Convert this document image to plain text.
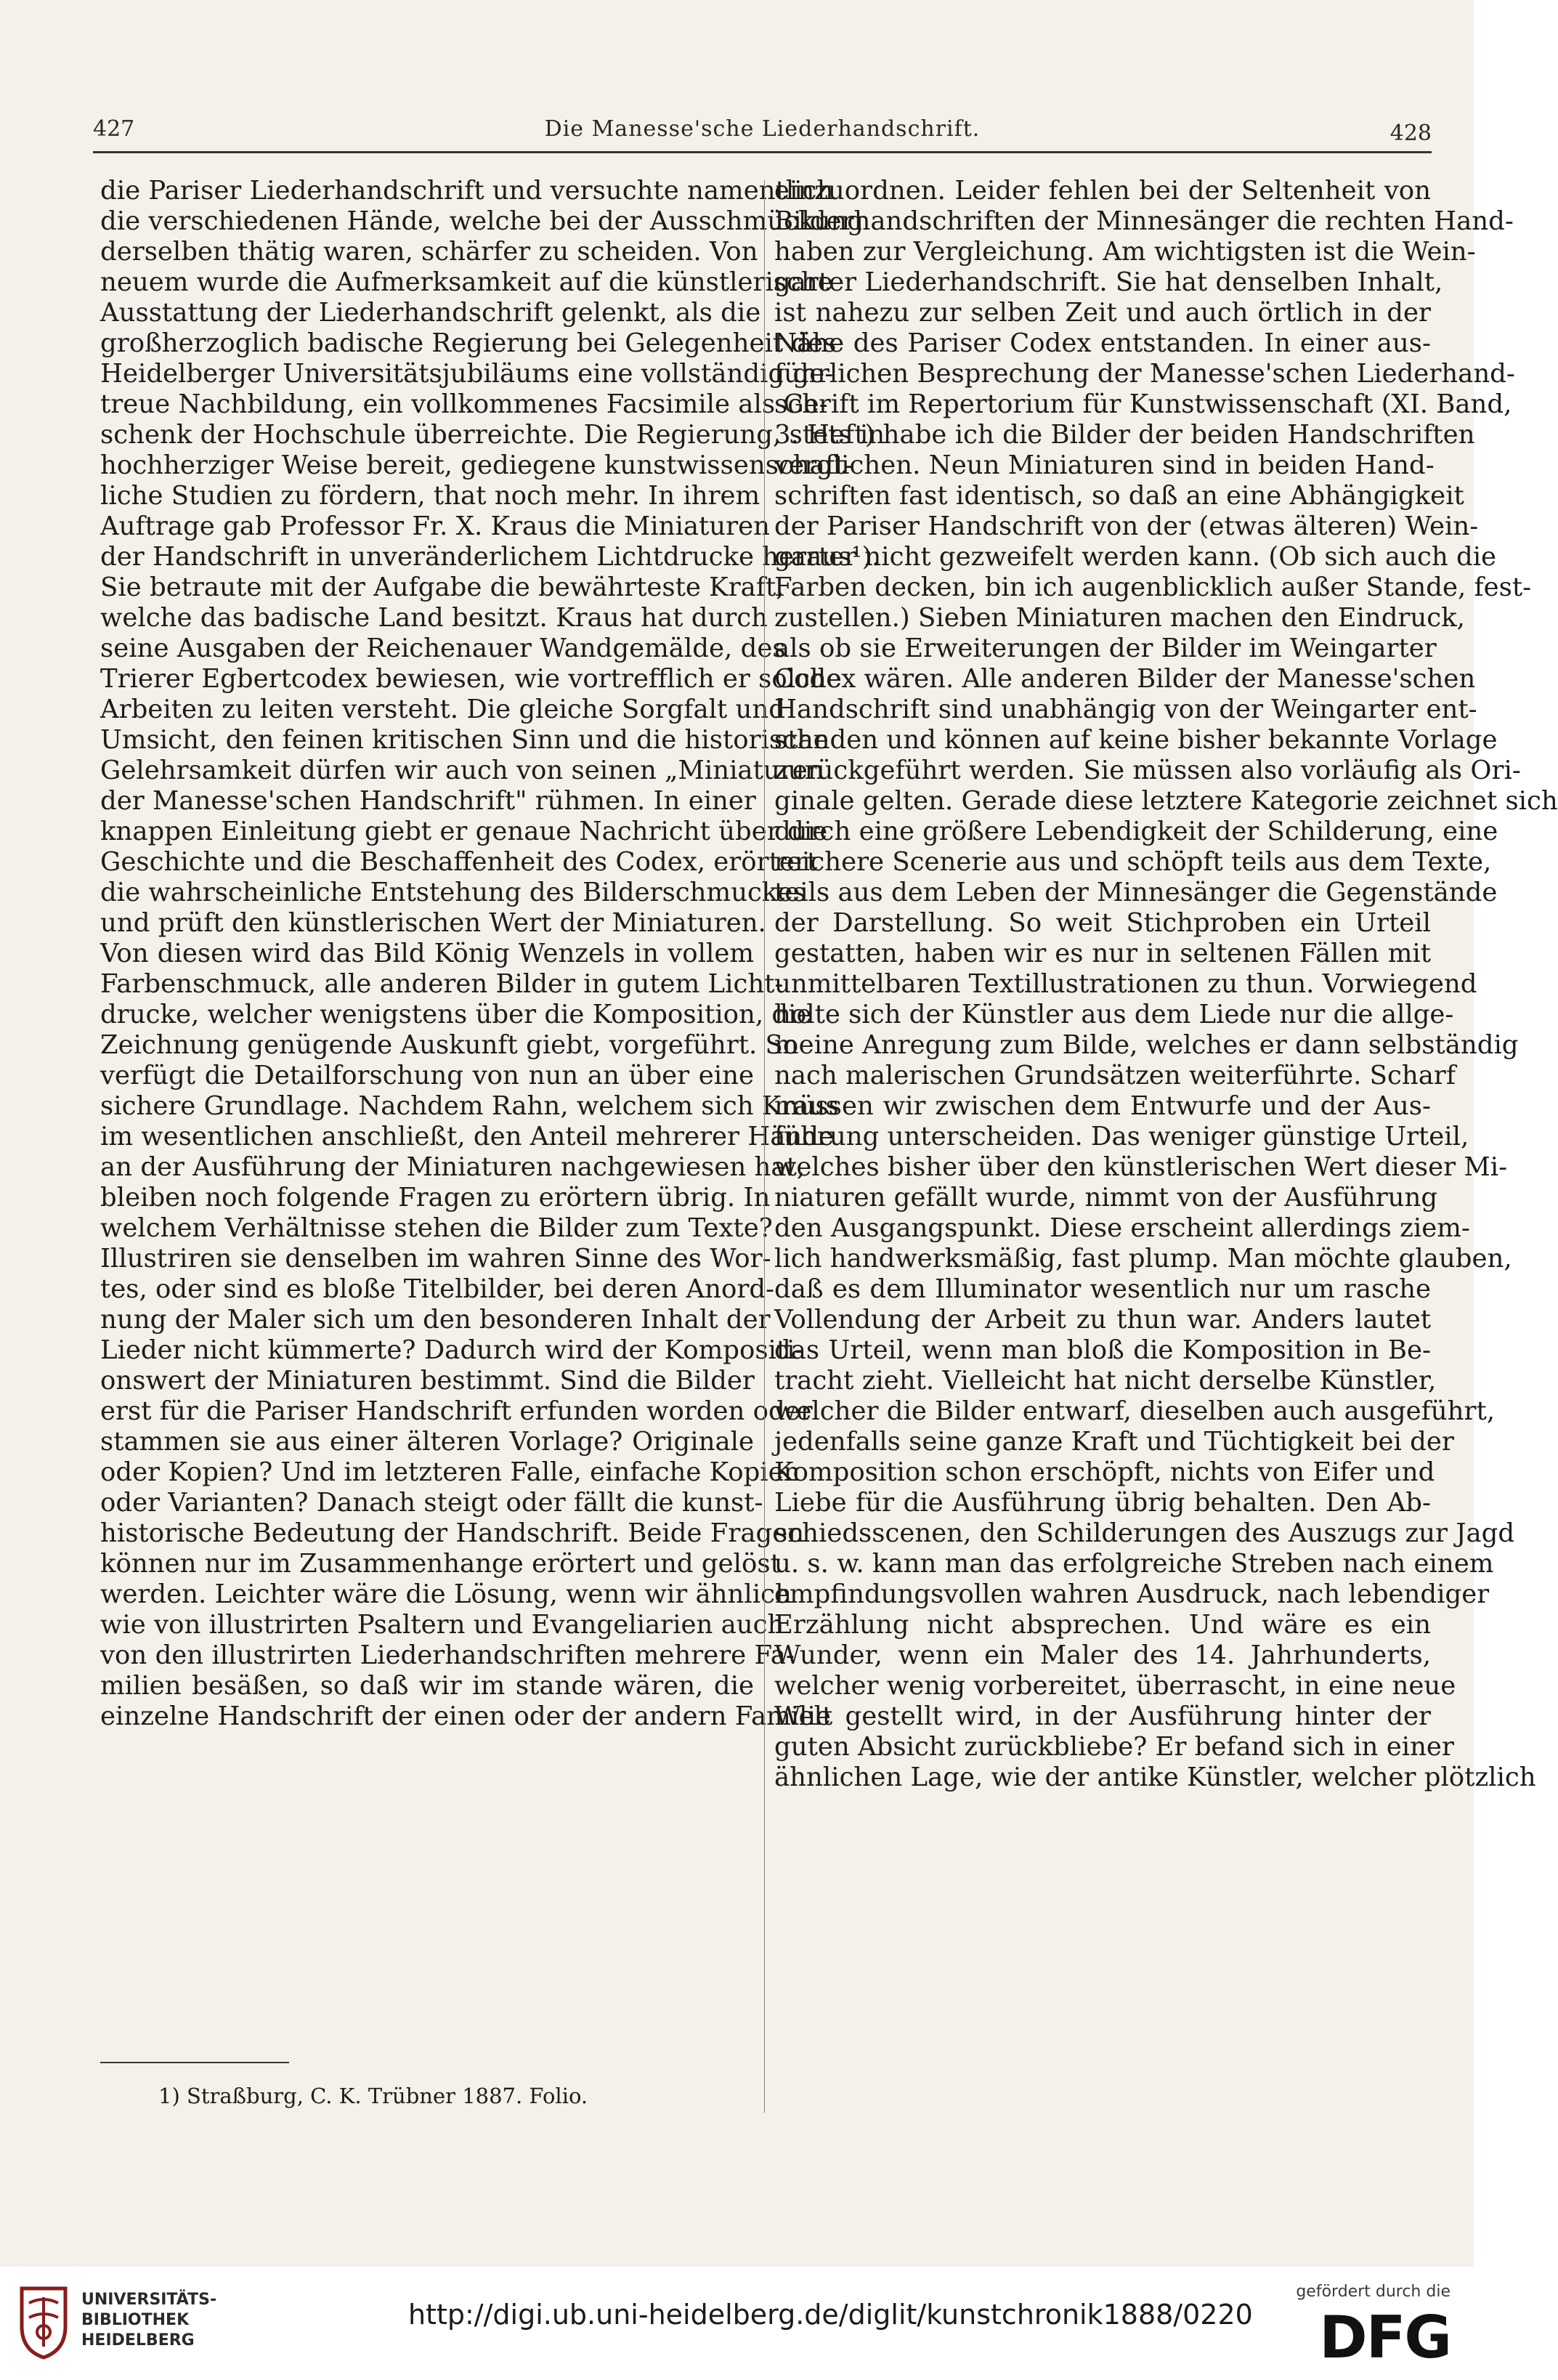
427	Die Manesse'sche Liederhandschrift.	428
die Pariser Liederhandschrift und versuchte namentlich
die verschiedenen Hände, welche bei der Ausschmückung
derselben thätig waren, schärfer zu scheiden. Von
neuem wurde die Aufmerksamkeit auf die künstlerische
Ausstattung der Liederhandschrift gelenkt, als die
großherzoglich badische Regierung bei Gelegenheit des
Heidelberger Universitätsjubiläums eine vollständig ge-
treue Nachbildung, ein vollkommenes Facsimile als Ge-
schenk der Hochschule überreichte. Die Regierung, stets in
hochherziger Weise bereit, gediegene kunstwissenschaft-
liche Studien zu fördern, that noch mehr. In ihrem
Auftrage gab Professor Fr. X. Kraus die Miniaturen
der Handschrift in unveränderlichem Lichtdrucke heraus¹).
Sie betraute mit der Aufgabe die bewährteste Kraft,
welche das badische Land besitzt. Kraus hat durch
seine Ausgaben der Reichenauer Wandgemälde, des
Trierer Egbertcodex bewiesen, wie vortrefflich er solche
Arbeiten zu leiten versteht. Die gleiche Sorgfalt und
Umsicht, den feinen kritischen Sinn und die historische
Gelehrsamkeit dürfen wir auch von seinen „Miniaturen
der Manesse'schen Handschrift" rühmen. In einer
knappen Einleitung giebt er genaue Nachricht über die
Geschichte und die Beschaffenheit des Codex, erörtert
die wahrscheinliche Entstehung des Bilderschmuckes
und prüft den künstlerischen Wert der Miniaturen.
Von diesen wird das Bild König Wenzels in vollem
Farbenschmuck, alle anderen Bilder in gutem Licht-
drucke, welcher wenigstens über die Komposition, die
Zeichnung genügende Auskunft giebt, vorgeführt. So
verfügt die Detailforschung von nun an über eine
sichere Grundlage. Nachdem Rahn, welchem sich Kraus
im wesentlichen anschließt, den Anteil mehrerer Hände
an der Ausführung der Miniaturen nachgewiesen hat,
bleiben noch folgende Fragen zu erörtern übrig. In
welchem Verhältnisse stehen die Bilder zum Texte?
Illustriren sie denselben im wahren Sinne des Wor-
tes, oder sind es bloße Titelbilder, bei deren Anord-
nung der Maler sich um den besonderen Inhalt der
Lieder nicht kümmerte? Dadurch wird der Kompositi-
onswert der Miniaturen bestimmt. Sind die Bilder
erst für die Pariser Handschrift erfunden worden oder
stammen sie aus einer älteren Vorlage? Originale
oder Kopien? Und im letzteren Falle, einfache Kopien
oder Varianten? Danach steigt oder fällt die kunst-
historische Bedeutung der Handschrift. Beide Fragen
können nur im Zusammenhange erörtert und gelöst
werden. Leichter wäre die Lösung, wenn wir ähnlich
wie von illustrirten Psaltern und Evangeliarien auch
von den illustrirten Liederhandschriften mehrere Fa-
milien besäßen, so daß wir im stande wären, die
einzelne Handschrift der einen oder der andern Familie
einzuordnen. Leider fehlen bei der Seltenheit von
Bilderhandschriften der Minnesänger die rechten Hand-
haben zur Vergleichung. Am wichtigsten ist die Wein-
garter Liederhandschrift. Sie hat denselben Inhalt,
ist nahezu zur selben Zeit und auch örtlich in der
Nähe des Pariser Codex entstanden. In einer aus-
führlichen Besprechung der Manesse'schen Liederhand-
schrift im Repertorium für Kunstwissenschaft (XI. Band,
3. Heft) habe ich die Bilder der beiden Handschriften
verglichen. Neun Miniaturen sind in beiden Hand-
schriften fast identisch, so daß an eine Abhängigkeit
der Pariser Handschrift von der (etwas älteren) Wein-
garter nicht gezweifelt werden kann. (Ob sich auch die
Farben decken, bin ich augenblicklich außer Stande, fest-
zustellen.) Sieben Miniaturen machen den Eindruck,
als ob sie Erweiterungen der Bilder im Weingarter
Codex wären. Alle anderen Bilder der Manesse'schen
Handschrift sind unabhängig von der Weingarter ent-
standen und können auf keine bisher bekannte Vorlage
zurückgeführt werden. Sie müssen also vorläufig als Ori-
ginale gelten. Gerade diese letztere Kategorie zeichnet sich
durch eine größere Lebendigkeit der Schilderung, eine
reichere Scenerie aus und schöpft teils aus dem Texte,
teils aus dem Leben der Minnesänger die Gegenstände
der Darstellung. So weit Stichproben ein Urteil
gestatten, haben wir es nur in seltenen Fällen mit
unmittelbaren Textillustrationen zu thun. Vorwiegend
holte sich der Künstler aus dem Liede nur die allge-
meine Anregung zum Bilde, welches er dann selbständig
nach malerischen Grundsätzen weiterführte. Scharf
müssen wir zwischen dem Entwurfe und der Aus-
führung unterscheiden. Das weniger günstige Urteil,
welches bisher über den künstlerischen Wert dieser Mi-
niaturen gefällt wurde, nimmt von der Ausführung
den Ausgangspunkt. Diese erscheint allerdings ziem-
lich handwerksmäßig, fast plump. Man möchte glauben,
daß es dem Illuminator wesentlich nur um rasche
Vollendung der Arbeit zu thun war. Anders lautet
das Urteil, wenn man bloß die Komposition in Be-
tracht zieht. Vielleicht hat nicht derselbe Künstler,
welcher die Bilder entwarf, dieselben auch ausgeführt,
jedenfalls seine ganze Kraft und Tüchtigkeit bei der
Komposition schon erschöpft, nichts von Eifer und
Liebe für die Ausführung übrig behalten. Den Ab-
schiedsscenen, den Schilderungen des Auszugs zur Jagd
u. s. w. kann man das erfolgreiche Streben nach einem
empfindungsvollen wahren Ausdruck, nach lebendiger
Erzählung nicht absprechen. Und wäre es ein
Wunder, wenn ein Maler des 14. Jahrhunderts,
welcher wenig vorbereitet, überrascht, in eine neue
Welt gestellt wird, in der Ausführung hinter der
guten Absicht zurückbliebe? Er befand sich in einer
ähnlichen Lage, wie der antike Künstler, welcher plötzlich
1) Straßburg, C. K. Trübner 1887. Folio.
UNIVERSITÄTS-
BIBLIOTHEK
HEIDELBERG
http://digi.ub.uni-heidelberg.de/diglit/kunstchronik1888/0220
gefördert durch die
DFG
